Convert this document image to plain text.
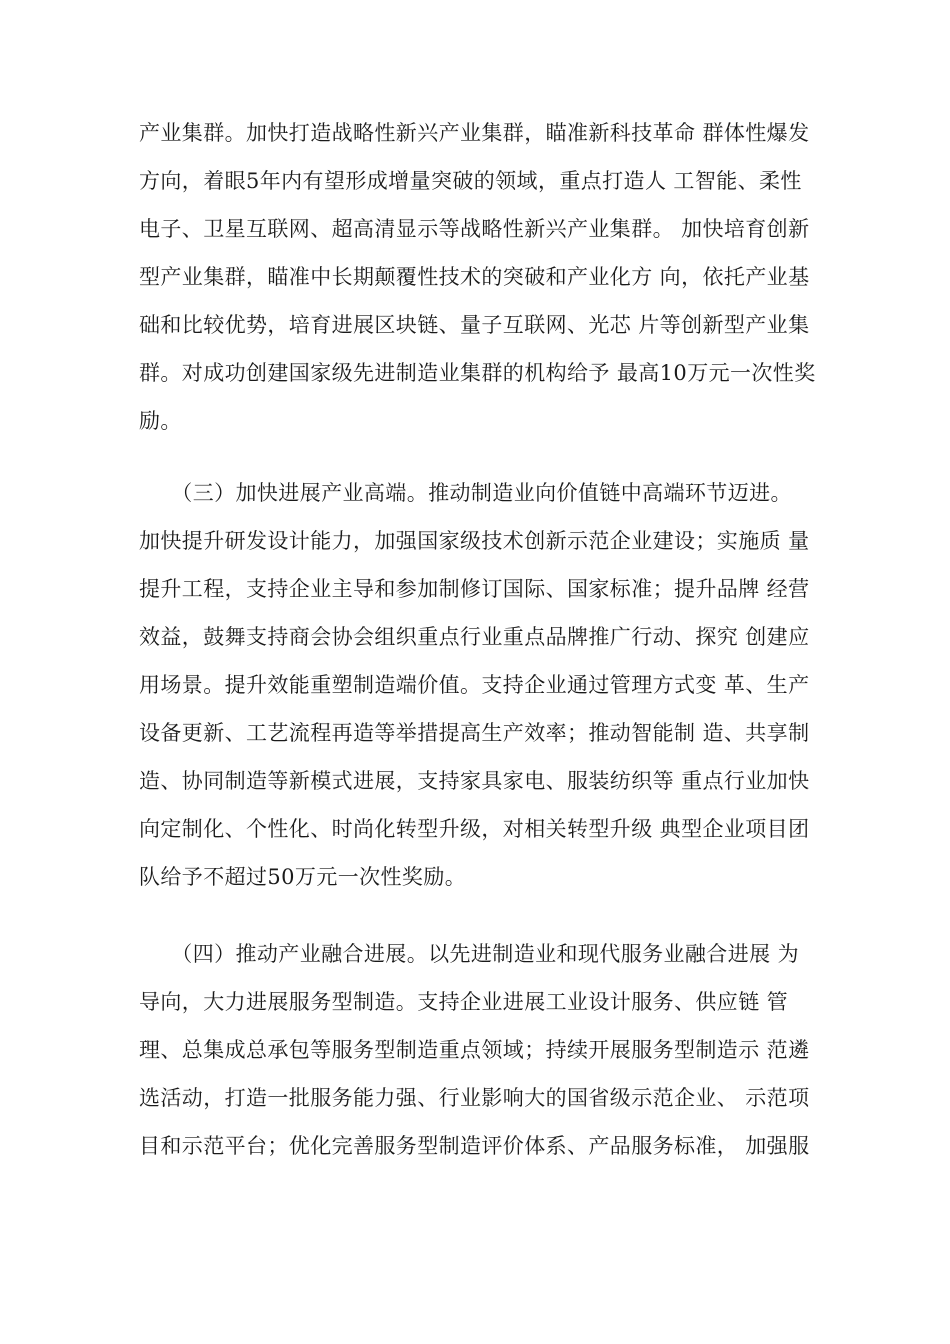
产业集群。加快打造战略性新兴产业集群，瞄准新科技革命 群体性爆发
方向，着眼5年内有望形成增量突破的领域，重点打造人 工智能、柔性
电子、卫星互联网、超高清显示等战略性新兴产业集群。 加快培育创新
型产业集群，瞄准中长期颠覆性技术的突破和产业化方 向，依托产业基
础和比较优势，培育进展区块链、量子互联网、光芯 片等创新型产业集
群。对成功创建国家级先进制造业集群的机构给予 最高10万元一次性奖
励。
　　（三）加快进展产业高端。推动制造业向价值链中高端环节迈进。
加快提升研发设计能力，加强国家级技术创新示范企业建设；实施质 量
提升工程，支持企业主导和参加制修订国际、国家标准；提升品牌 经营
效益，鼓舞支持商会协会组织重点行业重点品牌推广行动、探究 创建应
用场景。提升效能重塑制造端价值。支持企业通过管理方式变 革、生产
设备更新、工艺流程再造等举措提高生产效率；推动智能制 造、共享制
造、协同制造等新模式进展，支持家具家电、服装纺织等 重点行业加快
向定制化、个性化、时尚化转型升级，对相关转型升级 典型企业项目团
队给予不超过50万元一次性奖励。
　　（四）推动产业融合进展。以先进制造业和现代服务业融合进展 为
导向，大力进展服务型制造。支持企业进展工业设计服务、供应链 管
理、总集成总承包等服务型制造重点领域；持续开展服务型制造示 范遴
选活动，打造一批服务能力强、行业影响大的国省级示范企业、 示范项
目和示范平台；优化完善服务型制造评价体系、产品服务标准， 加强服
